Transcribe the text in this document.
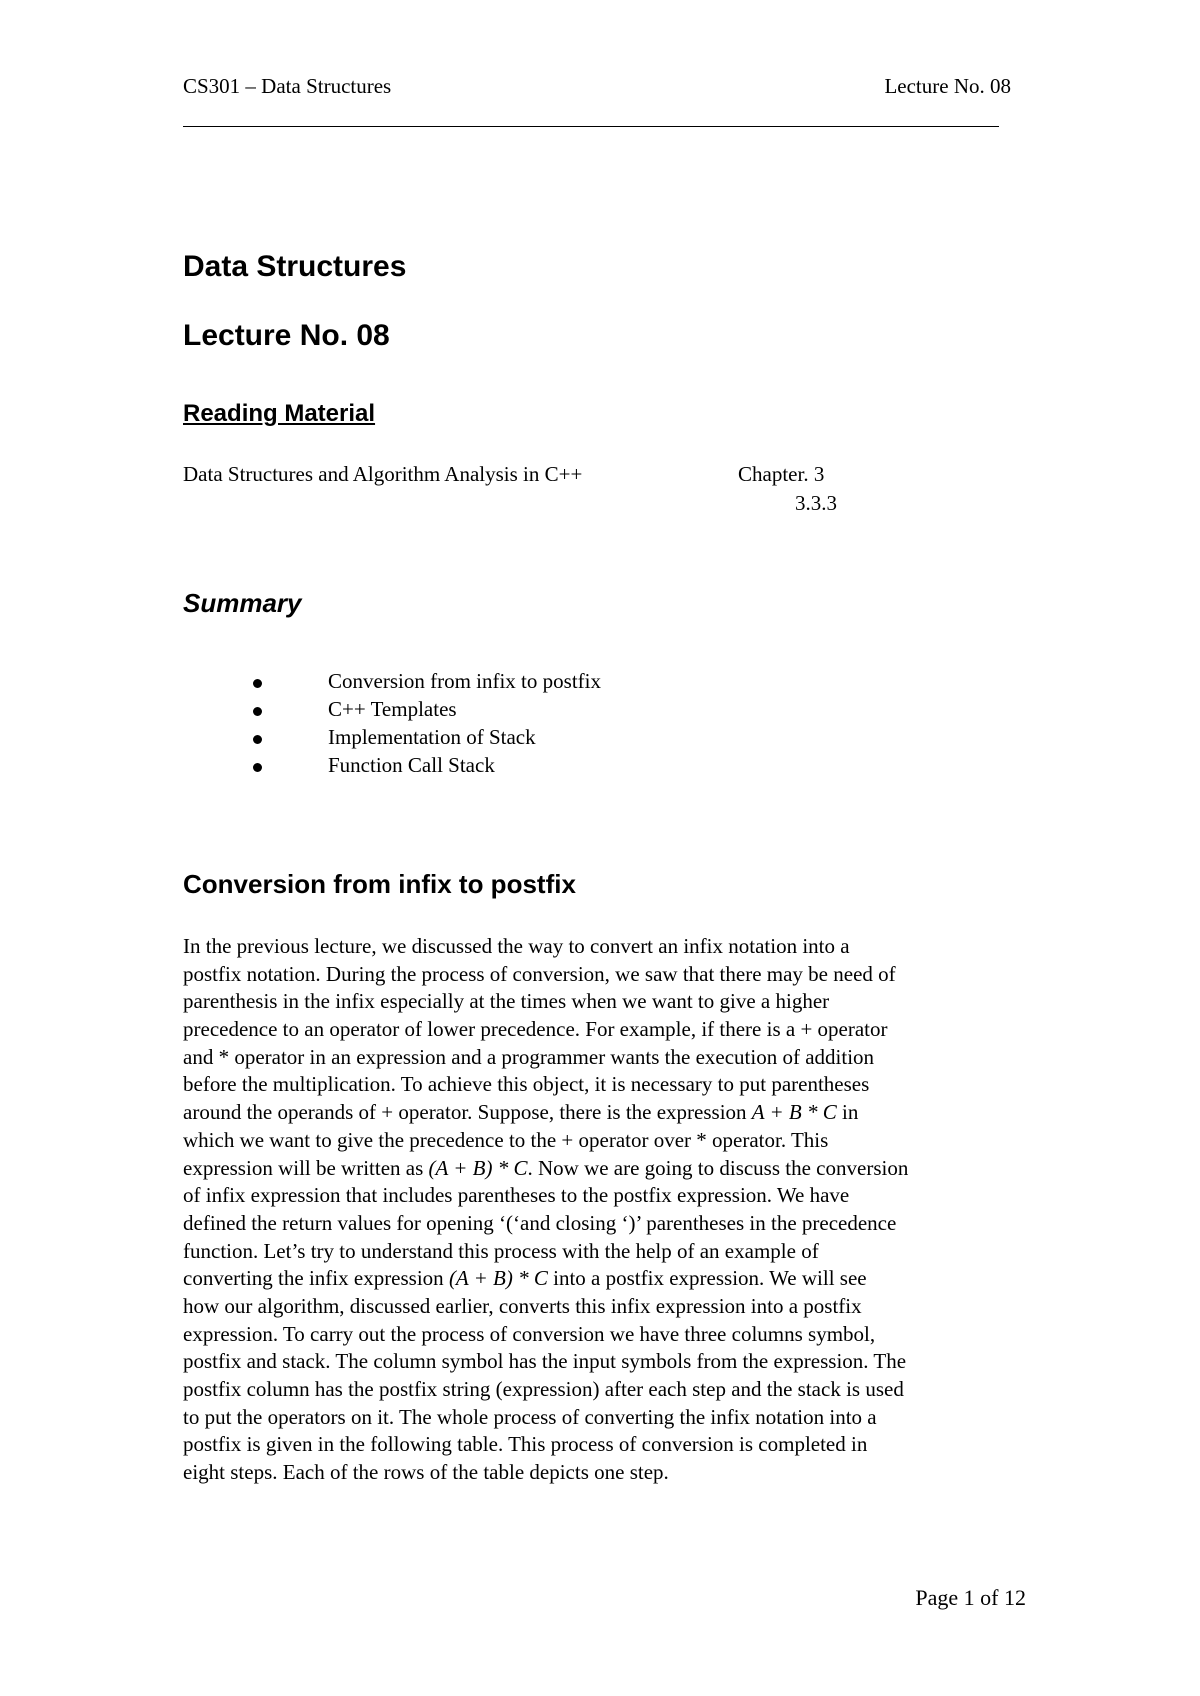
CS301 – Data Structures	Lecture No. 08
Data Structures
Lecture No. 08
Reading Material
Data Structures and Algorithm Analysis in C++	Chapter. 3
3.3.3
Summary
Conversion from infix to postfix
C++ Templates
Implementation of Stack
Function Call Stack
Conversion from infix to postfix
In the previous lecture, we discussed the way to convert an infix notation into a
postfix notation. During the process of conversion, we saw that there may be need of
parenthesis in the infix especially at the times when we want to give a higher
precedence to an operator of lower precedence. For example, if there is a + operator
and * operator in an expression and a programmer wants the execution of addition
before the multiplication. To achieve this object, it is necessary to put parentheses
around the operands of + operator. Suppose, there is the expression A + B * C in
which we want to give the precedence to the + operator over * operator. This
expression will be written as (A + B) * C. Now we are going to discuss the conversion
of infix expression that includes parentheses to the postfix expression. We have
defined the return values for opening ‘(‘and closing ‘)’ parentheses in the precedence
function. Let’s try to understand this process with the help of an example of
converting the infix expression (A + B) * C into a postfix expression. We will see
how our algorithm, discussed earlier, converts this infix expression into a postfix
expression. To carry out the process of conversion we have three columns symbol,
postfix and stack. The column symbol has the input symbols from the expression. The
postfix column has the postfix string (expression) after each step and the stack is used
to put the operators on it. The whole process of converting the infix notation into a
postfix is given in the following table. This process of conversion is completed in
eight steps. Each of the rows of the table depicts one step.
Page 1 of 12
